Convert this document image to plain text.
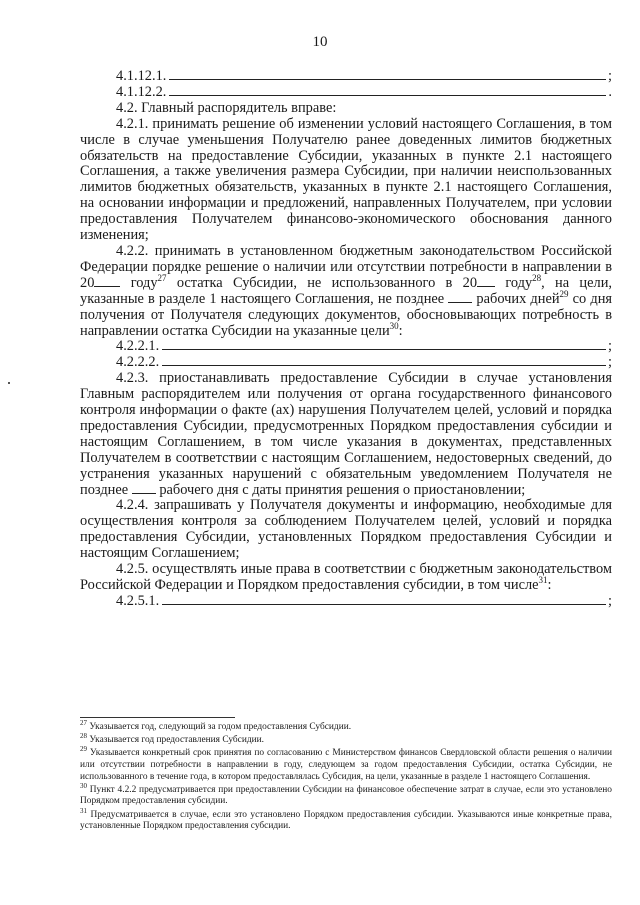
10
4.1.12.1.	;
4.1.12.2.	.

4.2. Главный распорядитель вправе:

4.2.1. принимать решение об изменении условий настоящего Соглашения, в том числе в случае уменьшения Получателю ранее доведенных лимитов бюджетных обязательств на предоставление Субсидии, указанных в пункте 2.1 настоящего Соглашения, а также увеличения размера Субсидии, при наличии неиспользованных лимитов бюджетных обязательств, указанных в пункте 2.1 настоящего Соглашения, на основании информации и предложений, направленных Получателем, при условии предоставления Получателем финансово-экономического обоснования данного изменения;

4.2.2. принимать в установленном бюджетным законодательством Российской Федерации порядке решение о наличии или отсутствии потребности в направлении в 20	году$^{27}$ остатка Субсидии, не использованного в 20 году$^{28}$, на цели, указанные в разделе 1 настоящего Соглашения, не позднее  рабочих дней$^{29}$ со дня получения от Получателя следующих документов, обосновывающих потребность в направлении остатка Субсидии на указанные цели$^{30}$:

4.2.2.1.	;
4.2.2.2.	;

4.2.3. приостанавливать предоставление Субсидии в случае установления Главным распорядителем или получения от органа государственного финансового контроля информации о факте (ах) нарушения Получателем целей, условий и порядка предоставления Субсидии, предусмотренных Порядком предоставления субсидии и настоящим Соглашением, в том числе указания в документах, представленных Получателем в соответствии с настоящим Соглашением, недостоверных сведений, до устранения указанных нарушений с обязательным уведомлением Получателя не позднее  рабочего дня с даты принятия решения о приостановлении;

4.2.4. запрашивать у Получателя документы и информацию, необходимые для осуществления контроля за соблюдением Получателем целей, условий и порядка предоставления Субсидии, установленных Порядком предоставления Субсидии и настоящим Соглашением;

4.2.5. осуществлять иные права в соответствии с бюджетным законодательством Российской Федерации и Порядком предоставления субсидии, в том числе$^{31}$:

4.2.5.1.	;

$^{27}$ Указывается год, следующий за годом предоставления Субсидии.

$^{28}$ Указывается год предоставления Субсидии.

$^{29}$ Указывается конкретный срок принятия по согласованию с Министерством финансов Свердловской области решения о наличии или отсутствии потребности в направлении в году, следующем за годом предоставления Субсидии, остатка Субсидии, не использованного в течение года, в котором предоставлялась Субсидия, на цели, указанные в разделе 1 настоящего Соглашения.

$^{30}$ Пункт 4.2.2 предусматривается при предоставлении Субсидии на финансовое обеспечение затрат в случае, если это установлено Порядком предоставления субсидии.

$^{31}$ Предусматривается в случае, если это установлено Порядком предоставления субсидии. Указываются иные конкретные права, установленные Порядком предоставления субсидии.
